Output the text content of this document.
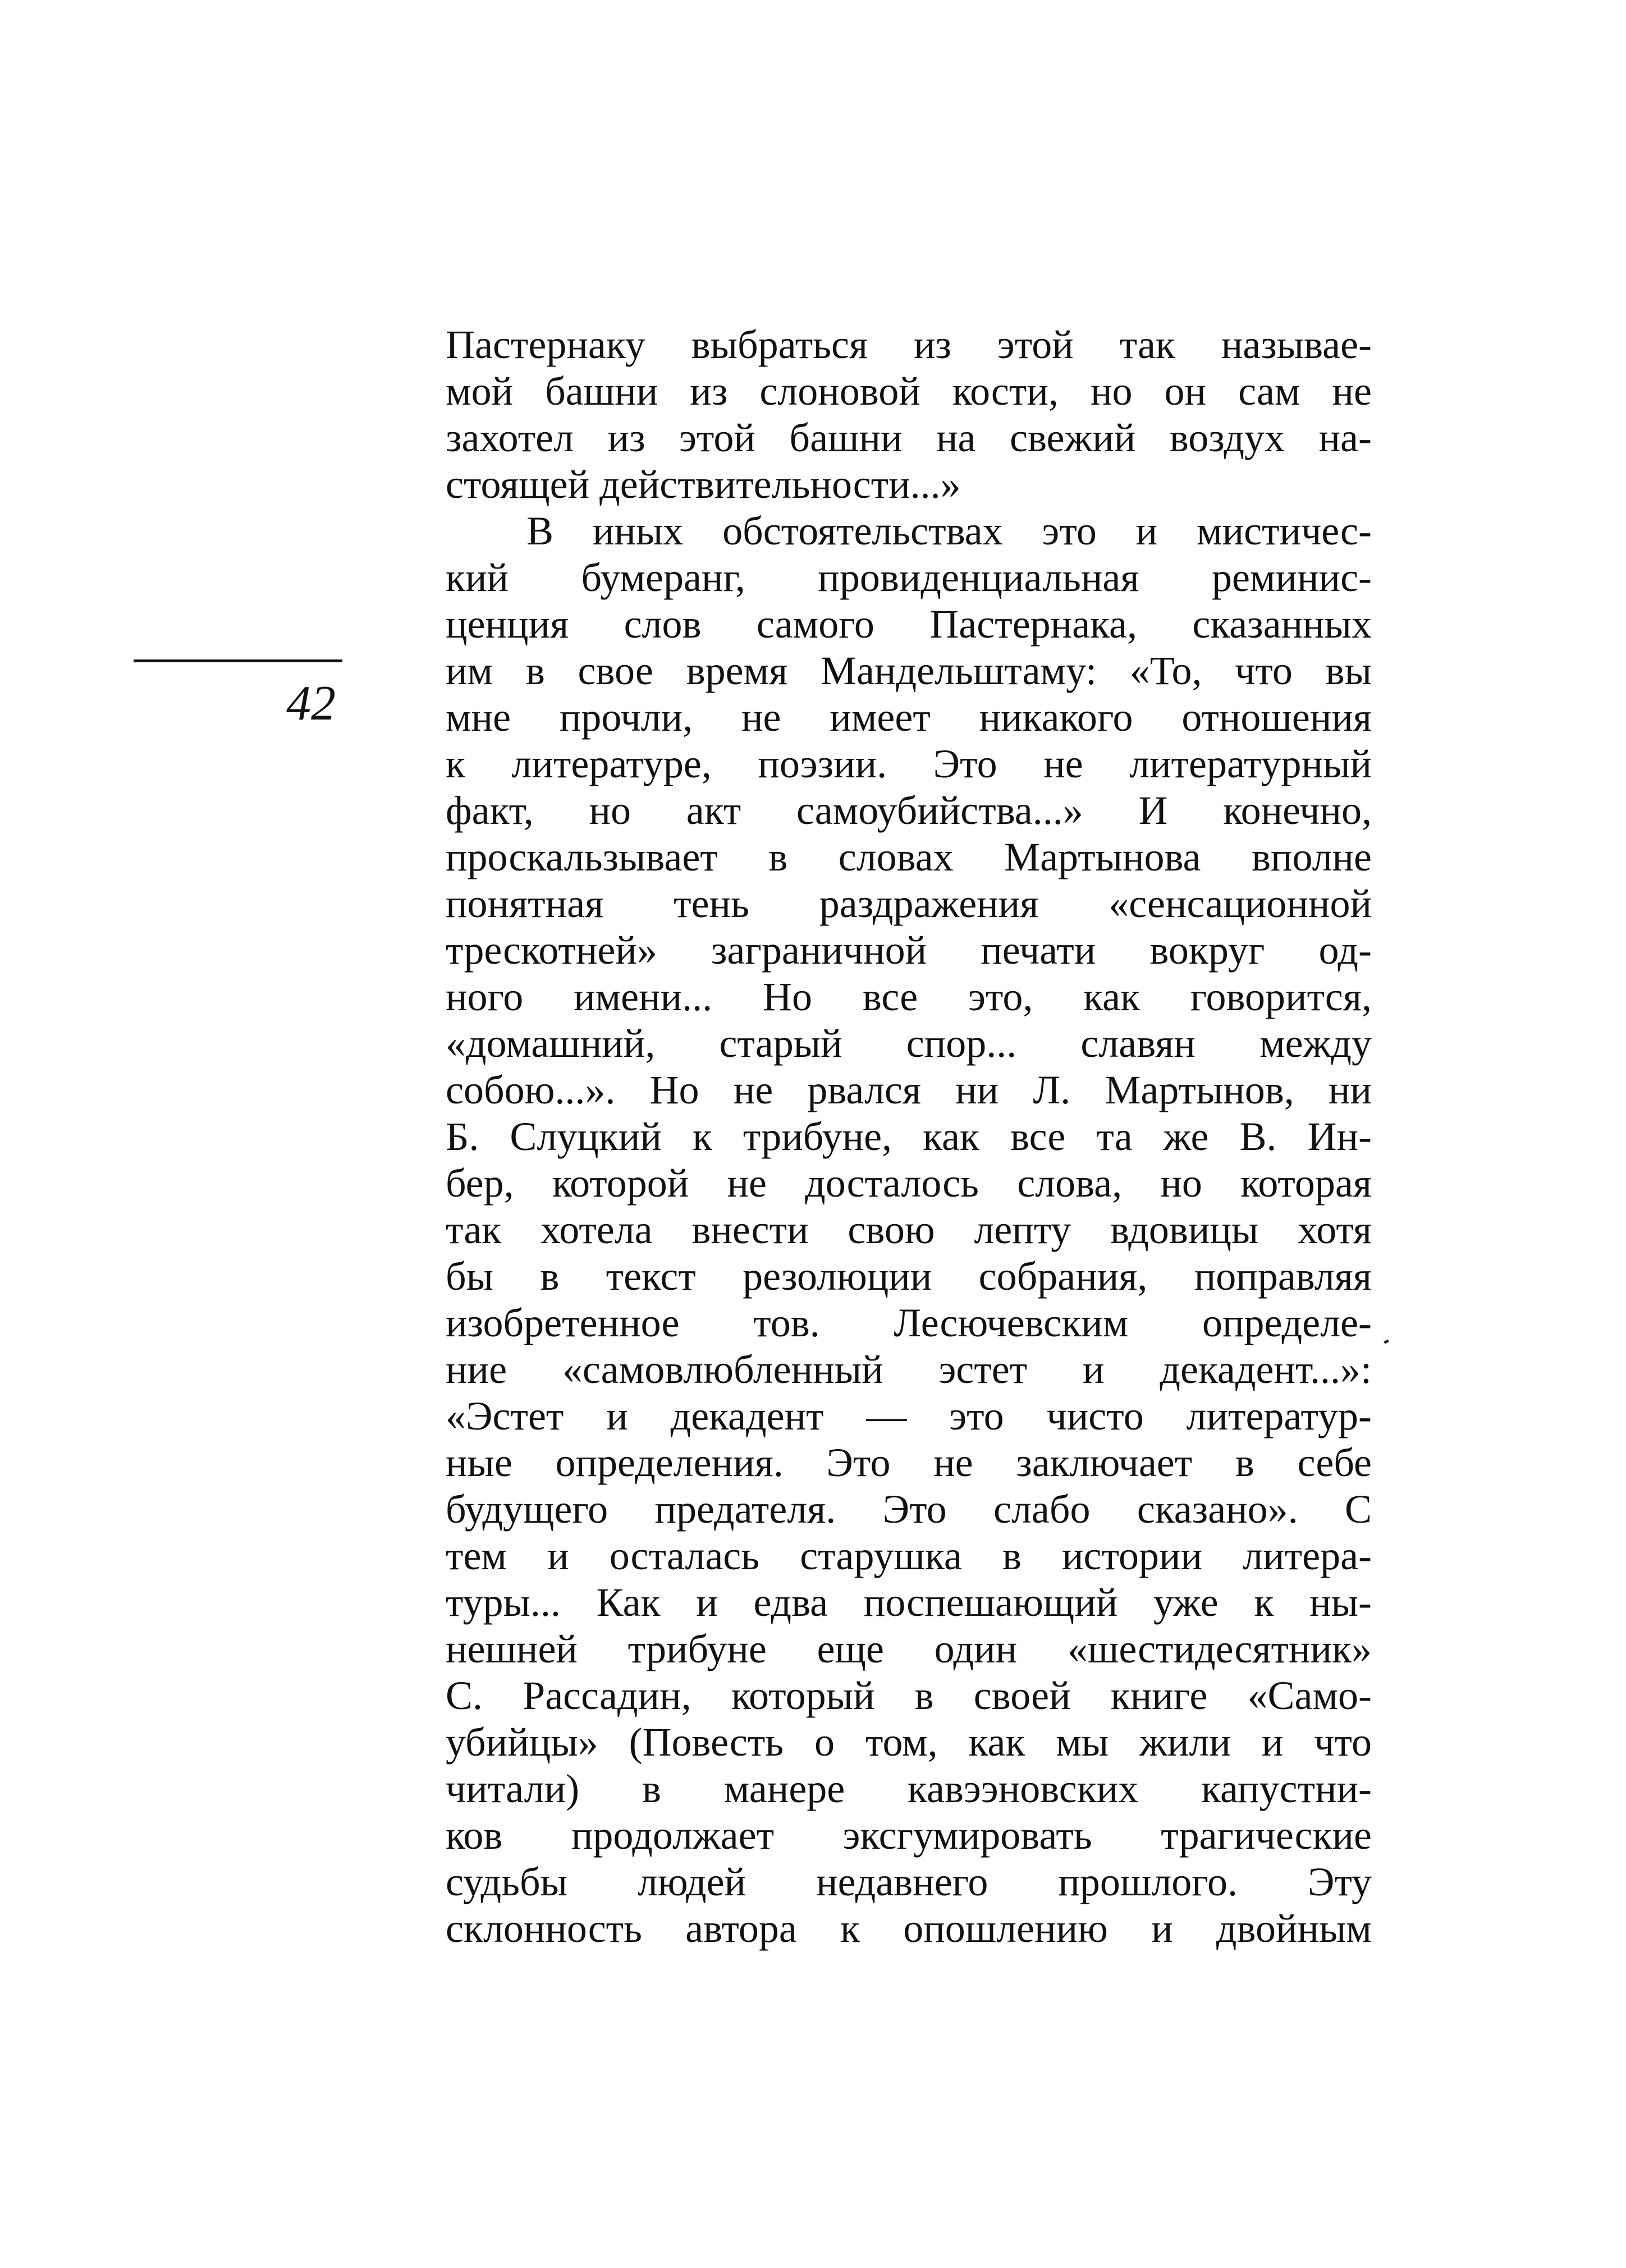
42
Пастернаку выбраться из этой так называе-
мой башни из слоновой кости, но он сам не
захотел из этой башни на свежий воздух на-
стоящей действительности...»
В иных обстоятельствах это и мистичес-
кий бумеранг, провиденциальная реминис-
ценция слов самого Пастернака, сказанных
им в свое время Мандельштаму: «То, что вы
мне прочли, не имеет никакого отношения
к литературе, поэзии. Это не литературный
факт, но акт самоубийства...» И конечно,
проскальзывает в словах Мартынова вполне
понятная тень раздражения «сенсационной
трескотней» заграничной печати вокруг од-
ного имени... Но все это, как говорится,
«домашний, старый спор... славян между
собою...». Но не рвался ни Л. Мартынов, ни
Б. Слуцкий к трибуне, как все та же В. Ин-
бер, которой не досталось слова, но которая
так хотела внести свою лепту вдовицы хотя
бы в текст резолюции собрания, поправляя
изобретенное тов. Лесючевским определе-
ние «самовлюбленный эстет и декадент...»:
«Эстет и декадент — это чисто литератур-
ные определения. Это не заключает в себе
будущего предателя. Это слабо сказано». С
тем и осталась старушка в истории литера-
туры... Как и едва поспешающий уже к ны-
нешней трибуне еще один «шестидесятник»
С. Рассадин, который в своей книге «Само-
убийцы» (Повесть о том, как мы жили и что
читали) в манере кавээновских капустни-
ков продолжает эксгумировать трагические
судьбы людей недавнего прошлого. Эту
склонность автора к опошлению и двойным
